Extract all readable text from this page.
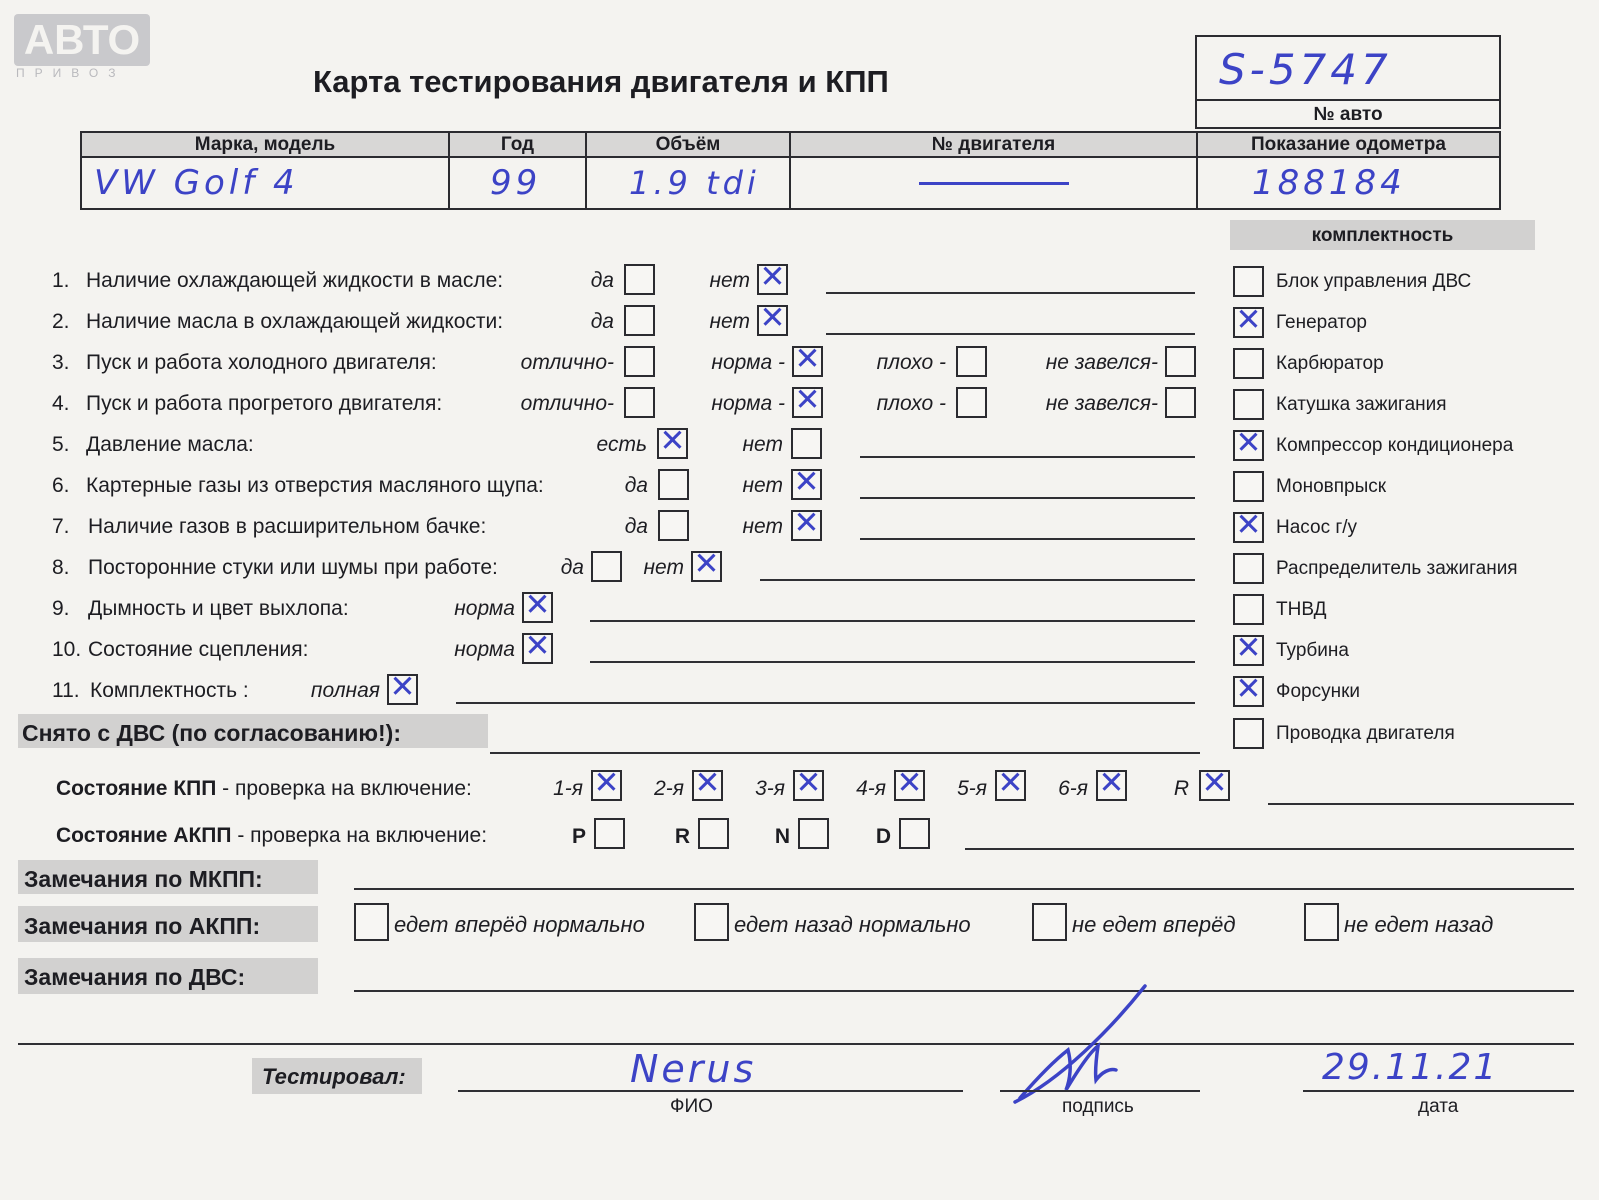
АВТО
ПРИВОЗ	Карта тестирования двигателя и КПП	S-5747
№ авто
Марка, модель	Год	Объём	№ двигателя	Показание одометра

VW Golf 4	99	1.9 tdi		188184
комплектность
1. Наличие охлаждающей жидкости в масле:	да	нет ✕
2. Наличие масла в охлаждающей жидкости:	да	нет ✕
3. Пуск и работа холодного двигателя:	отлично-	норма - ✕	плохо -	не завелся-
4. Пуск и работа прогретого двигателя:	отлично-	норма - ✕	плохо -	не завелся-
5. Давление масла:	есть ✕	нет
6. Картерные газы из отверстия масляного щупа:	да	нет ✕
7. Наличие газов в расширительном бачке:	да	нет ✕
8. Посторонние стуки или шумы при работе:	да	нет ✕
9. Дымность и цвет выхлопа:	норма ✕
10. Состояние сцепления:	норма ✕
11. Комплектность :	полная ✕
Блок управления ДВС
✕ Генератор
Карбюратор
Катушка зажигания
✕ Компрессор кондиционера
Моновпрыск
✕ Насос г/у
Распределитель зажигания
ТНВД
✕ Турбина
✕ Форсунки
Проводка двигателя
Снято с ДВС (по согласованию!):
Состояние КПП - проверка на включение:	1-я ✕ 2-я ✕ 3-я ✕ 4-я ✕ 5-я ✕ 6-я ✕ R ✕
Состояние АКПП - проверка на включение:	P	R	N	D
Замечания по МКПП:
Замечания по АКПП:	едет вперёд нормально	едет назад нормально	не едет вперёд	не едет назад
Замечания по ДВС:
Тестировал:	Nerus
ФИО	подпись
29.11.21
дата
